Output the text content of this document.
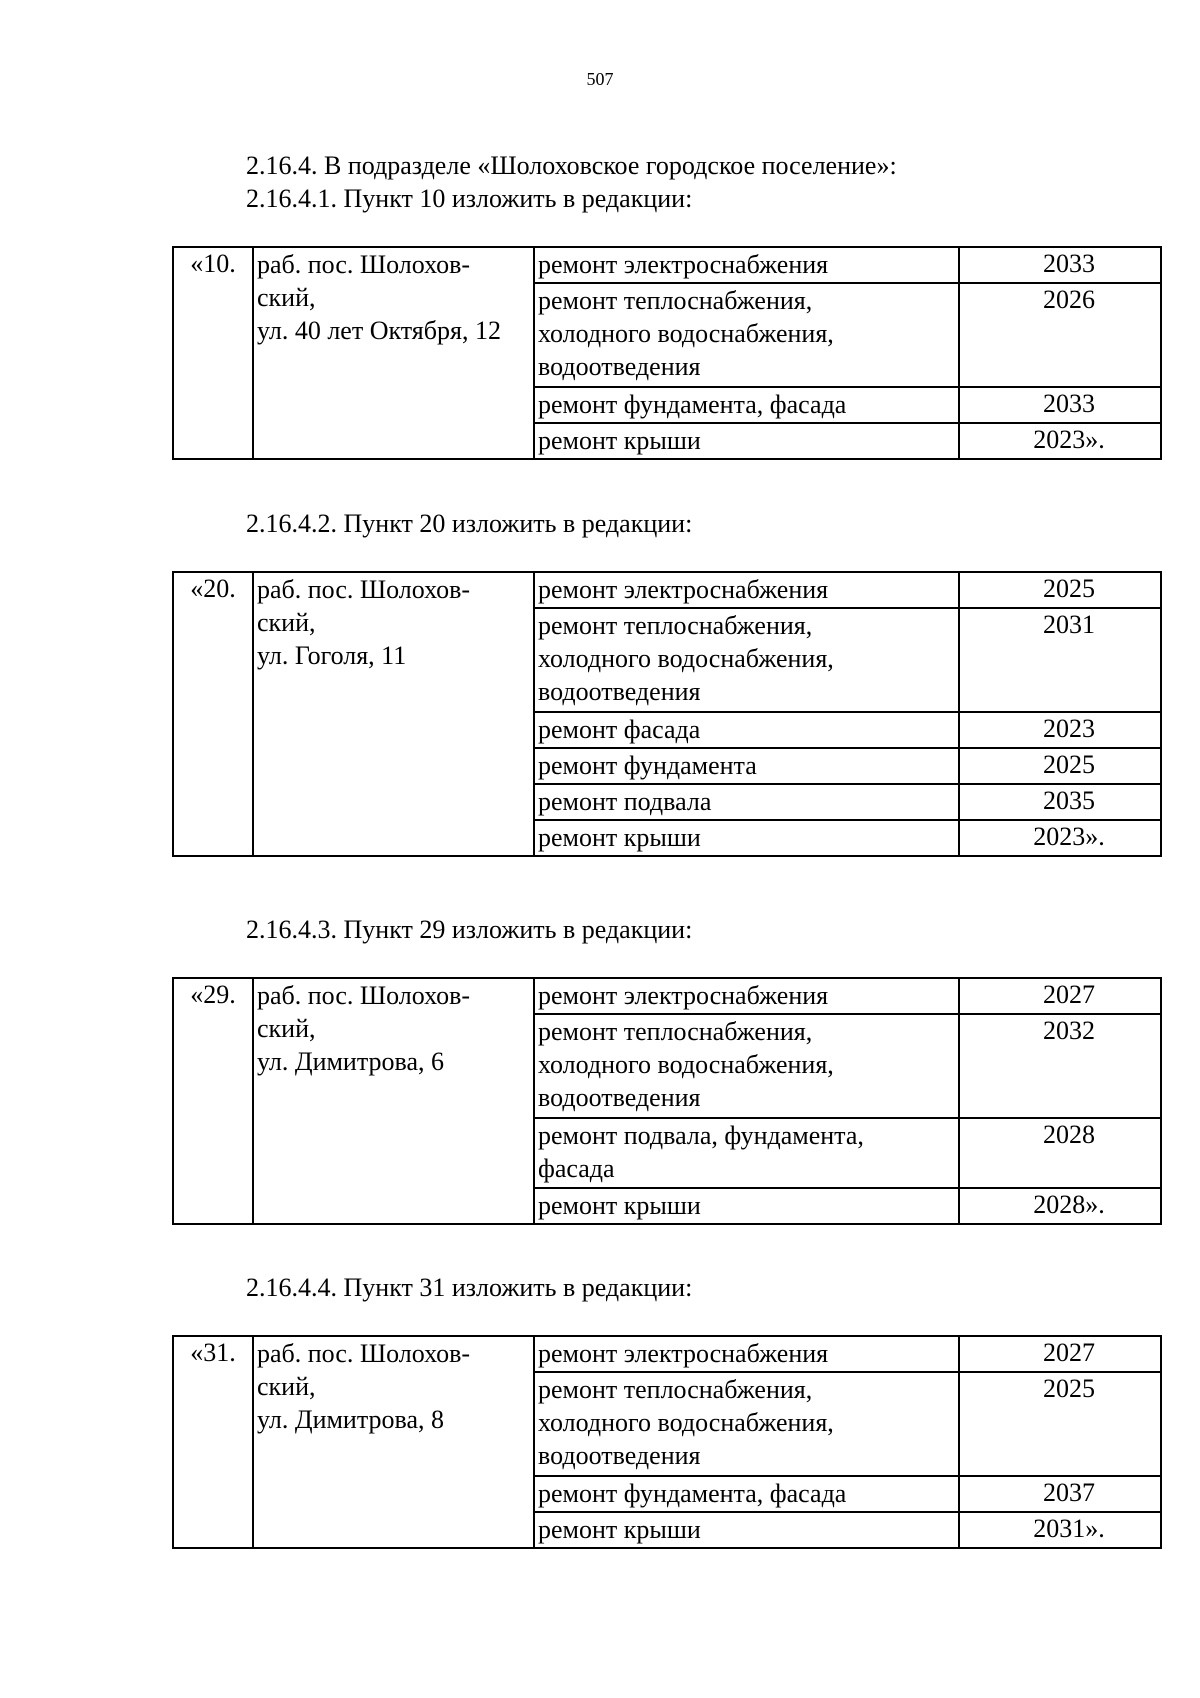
507
2.16.4. В подразделе «Шолоховское городское поселение»:
2.16.4.1. Пункт 10 изложить в редакции:
«10.	раб. пос. Шолохов-
ский,
ул. 40 лет Октября, 12	ремонт электроснабжения	2033

		ремонт теплоснабжения,
холодного водоснабжения,
водоотведения	2026

		ремонт фундамента, фасада	2033

		ремонт крыши	2023».
«20.	раб. пос. Шолохов-
ский,
ул. Гоголя, 11	ремонт электроснабжения	2025

		ремонт теплоснабжения,
холодного водоснабжения,
водоотведения	2031

		ремонт фасада	2023

		ремонт фундамента	2025

		ремонт подвала	2035

		ремонт крыши	2023».
«29.	раб. пос. Шолохов-
ский,
ул. Димитрова, 6	ремонт электроснабжения	2027

		ремонт теплоснабжения,
холодного водоснабжения,
водоотведения	2032

		ремонт подвала, фундамента,
фасада	2028

		ремонт крыши	2028».
«31.	раб. пос. Шолохов-
ский,
ул. Димитрова, 8	ремонт электроснабжения	2027

		ремонт теплоснабжения,
холодного водоснабжения,
водоотведения	2025

		ремонт фундамента, фасада	2037

		ремонт крыши	2031».
2.16.4.2. Пункт 20 изложить в редакции:
2.16.4.3. Пункт 29 изложить в редакции:
2.16.4.4. Пункт 31 изложить в редакции:
